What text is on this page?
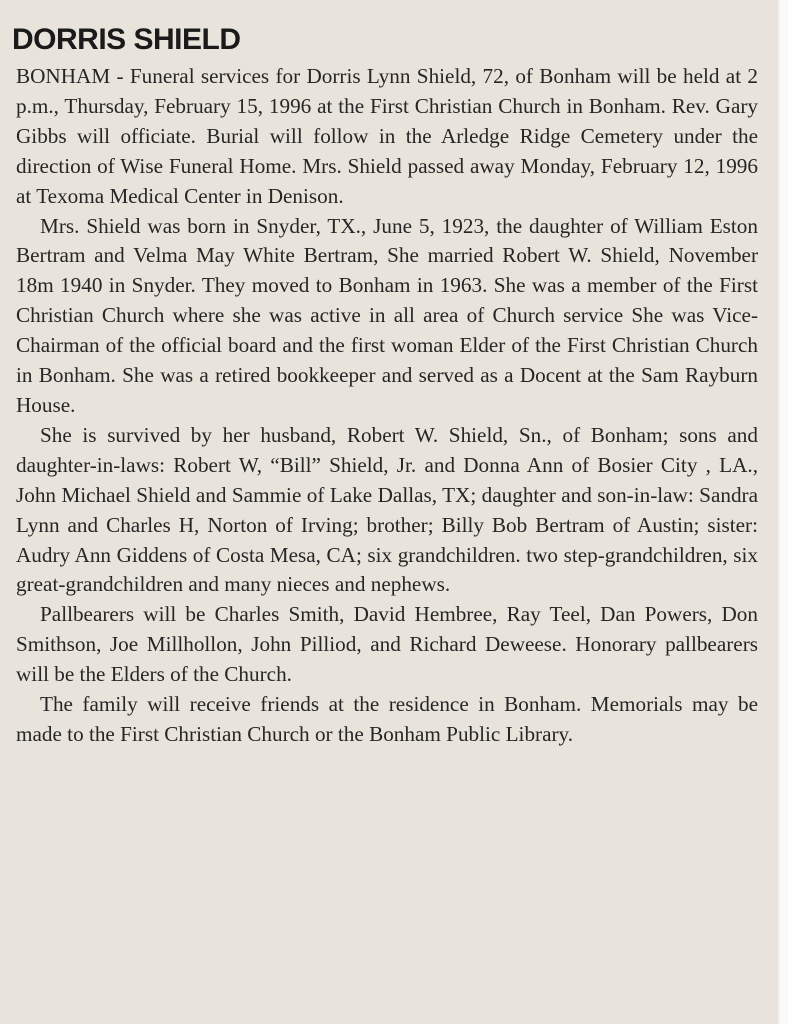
DORRIS SHIELD

BONHAM - Funeral services for Dorris Lynn Shield, 72, of Bonham will be held at 2 p.m., Thursday, February 15, 1996 at the First Christian Church in Bonham. Rev. Gary Gibbs will officiate. Burial will follow in the Arledge Ridge Cemetery under the direction of Wise Funeral Home. Mrs. Shield passed away Monday, February 12, 1996 at Texoma Medical Center in Denison.

Mrs. Shield was born in Snyder, TX., June 5, 1923, the daughter of William Eston Bertram and Velma May White Bertram, She married Robert W. Shield, November 18m 1940 in Snyder. They moved to Bonham in 1963. She was a member of the First Christian Church where she was active in all area of Church service She was Vice-Chairman of the official board and the first woman Elder of the First Christian Church in Bonham. She was a retired bookkeeper and served as a Docent at the Sam Rayburn House.

She is survived by her husband, Robert W. Shield, Sn., of Bonham; sons and daughter-in-laws: Robert W, “Bill” Shield, Jr. and Donna Ann of Bosier City , LA., John Michael Shield and Sammie of Lake Dallas, TX; daughter and son-in-law: Sandra Lynn and Charles H, Norton of Irving; brother; Billy Bob Bertram of Austin; sister: Audry Ann Giddens of Costa Mesa, CA; six grandchildren. two step-grandchildren, six great-grandchildren and many nieces and nephews.

Pallbearers will be Charles Smith, David Hembree, Ray Teel, Dan Powers, Don Smithson, Joe Millhollon, John Pilliod, and Richard Deweese. Honorary pallbearers will be the Elders of the Church.

The family will receive friends at the residence in Bonham. Memorials may be made to the First Christian Church or the Bonham Public Library.
